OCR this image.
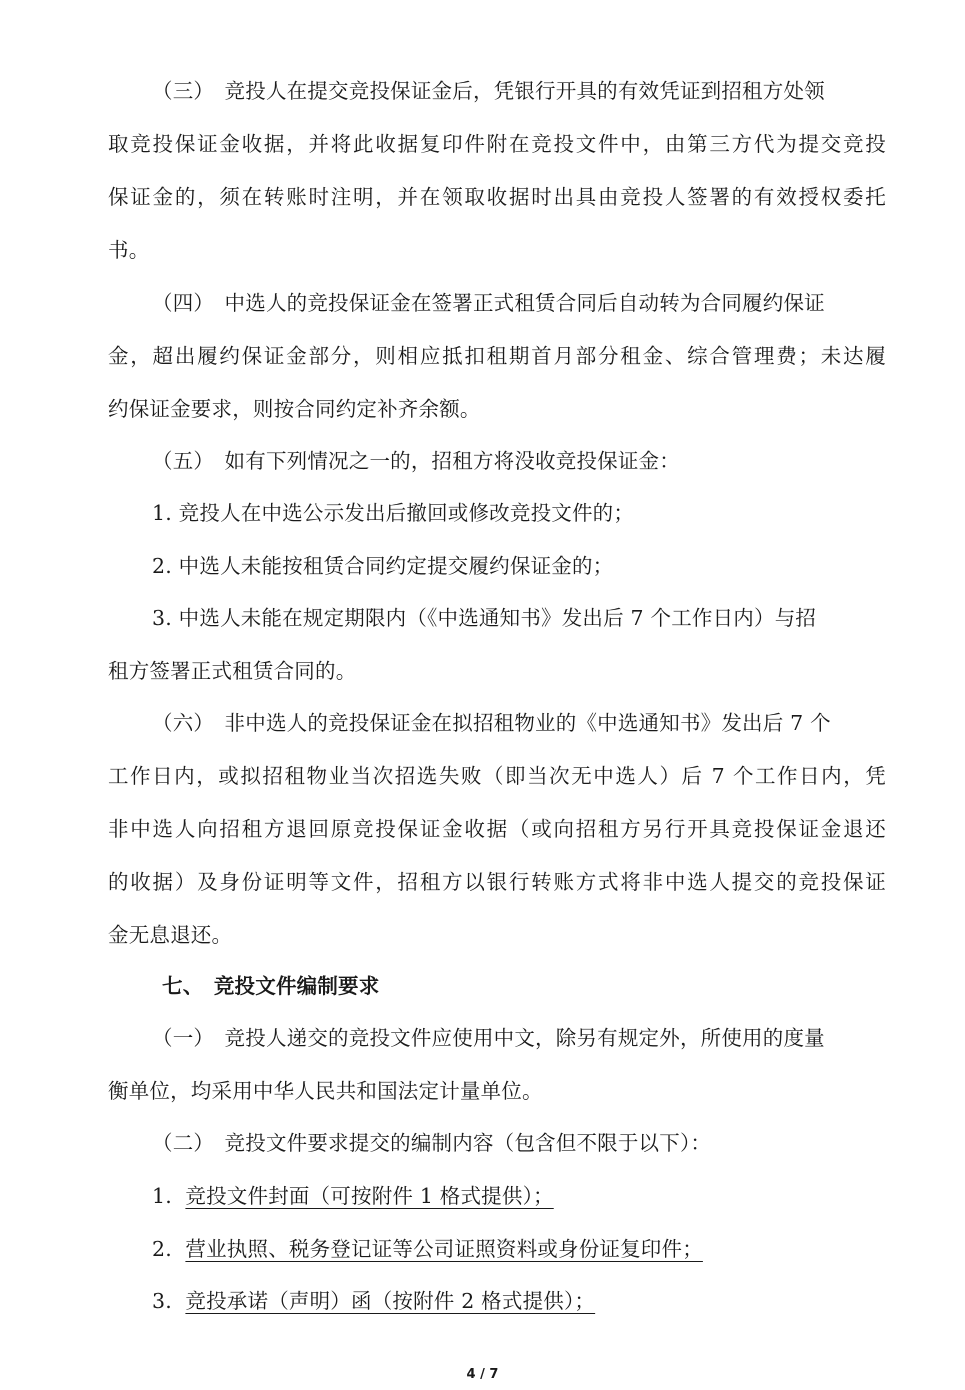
（三）　竞投人在提交竞投保证金后，凭银行开具的有效凭证到招租方处领
取竞投保证金收据，并将此收据复印件附在竞投文件中，由第三方代为提交竞投
保证金的，须在转账时注明，并在领取收据时出具由竞投人签署的有效授权委托
书。
（四）　中选人的竞投保证金在签署正式租赁合同后自动转为合同履约保证
金，超出履约保证金部分，则相应抵扣租期首月部分租金、综合管理费；未达履
约保证金要求，则按合同约定补齐余额。
（五）　如有下列情况之一的，招租方将没收竞投保证金：
1. 竞投人在中选公示发出后撤回或修改竞投文件的；
2. 中选人未能按租赁合同约定提交履约保证金的；
3. 中选人未能在规定期限内（《中选通知书》发出后 7 个工作日内）与招
租方签署正式租赁合同的。
（六）　非中选人的竞投保证金在拟招租物业的《中选通知书》发出后 7 个
工作日内，或拟招租物业当次招选失败（即当次无中选人）后 7 个工作日内，凭
非中选人向招租方退回原竞投保证金收据（或向招租方另行开具竞投保证金退还
的收据）及身份证明等文件，招租方以银行转账方式将非中选人提交的竞投保证
金无息退还。
七、　竞投文件编制要求
（一）　竞投人递交的竞投文件应使用中文，除另有规定外，所使用的度量
衡单位，均采用中华人民共和国法定计量单位。
（二）　竞投文件要求提交的编制内容（包含但不限于以下）：
1. 竞投文件封面（可按附件 1 格式提供）；
2. 营业执照、税务登记证等公司证照资料或身份证复印件；
3. 竞投承诺（声明）函（按附件 2 格式提供）；
4 / 7
